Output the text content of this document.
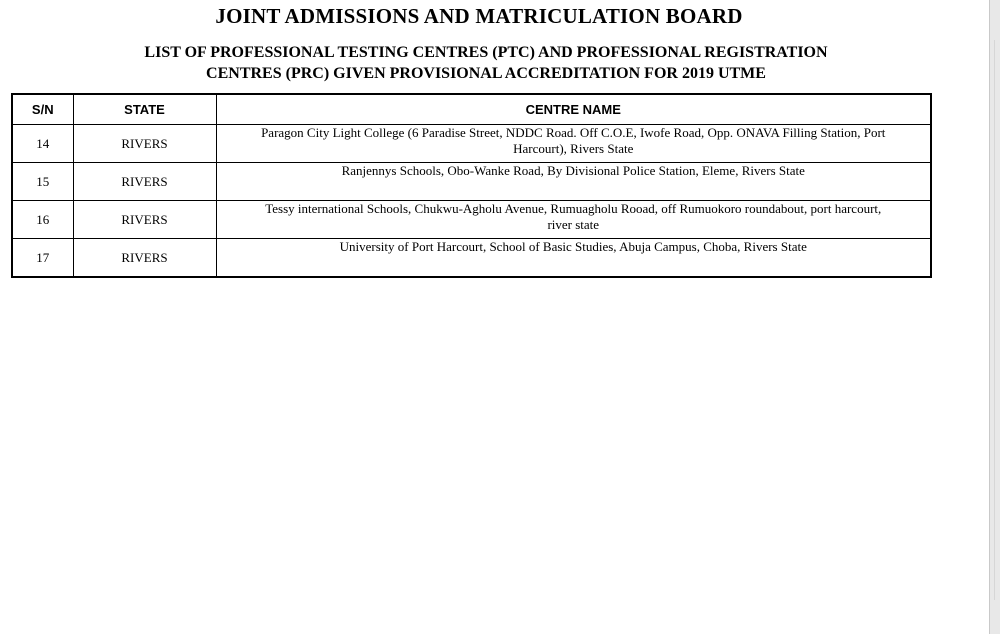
JOINT ADMISSIONS AND MATRICULATION BOARD
LIST OF PROFESSIONAL TESTING CENTRES (PTC) AND PROFESSIONAL REGISTRATION
CENTRES (PRC) GIVEN PROVISIONAL ACCREDITATION FOR 2019 UTME
S/N	STATE	CENTRE NAME
14	RIVERS	Paragon City Light College (6 Paradise Street, NDDC Road. Off C.O.E, Iwofe Road, Opp. ONAVA Filling Station, Port
Harcourt), Rivers State

15	RIVERS	Ranjennys Schools, Obo-Wanke Road, By Divisional Police Station, Eleme, Rivers State

16	RIVERS	Tessy international Schools, Chukwu-Agholu Avenue, Rumuagholu Rooad, off Rumuokoro roundabout, port harcourt,
river state

17	RIVERS	University of Port Harcourt, School of Basic Studies, Abuja Campus, Choba, Rivers State
